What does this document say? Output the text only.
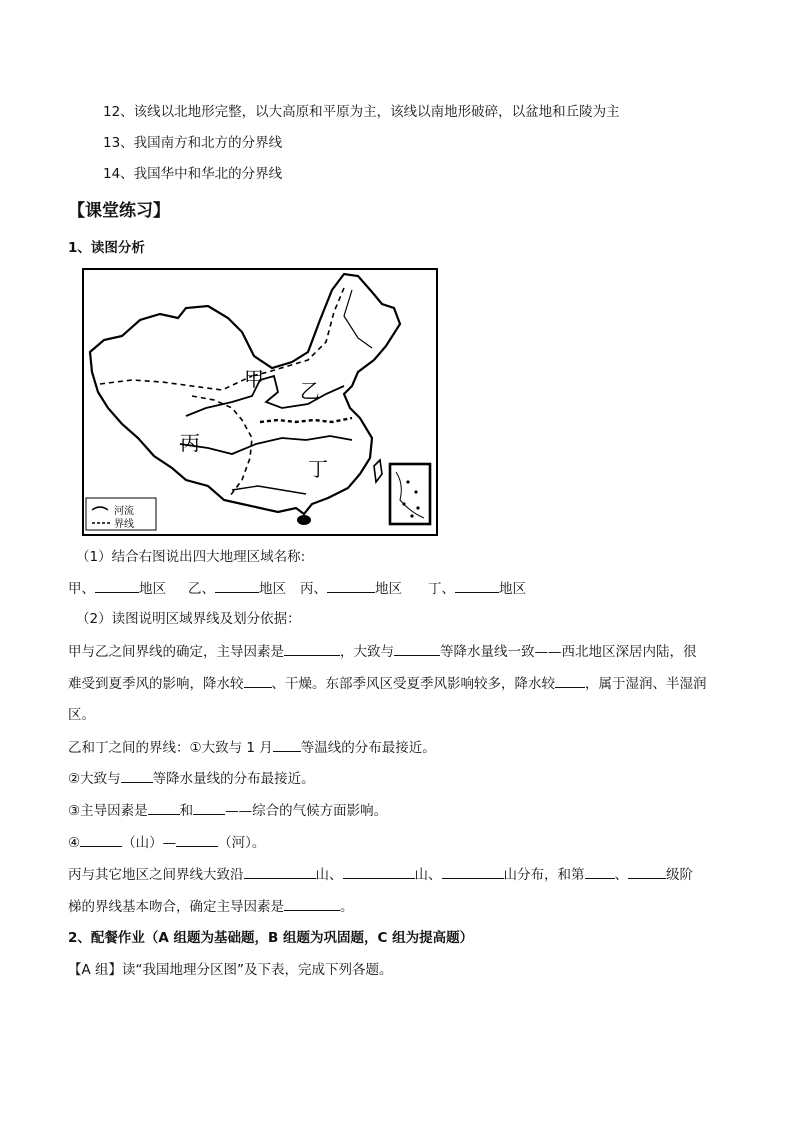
12、该线以北地形完整，以大高原和平原为主，该线以南地形破碎，以盆地和丘陵为主
13、我国南方和北方的分界线
14、我国华中和华北的分界线
【课堂练习】
1、读图分析
甲 乙
丙
丁
河流
界线
（1）结合右图说出四大地理区域名称:
甲、	地区 乙、	地区 丙、	地区 丁、	地区
（2）读图说明区域界线及划分依据：
甲与乙之间界线的确定，主导因素是	，大致与	等降水量线一致——西北地区深居内陆，很
难受到夏季风的影响，降水较 、干燥。东部季风区受夏季风影响较多，降水较 ，属于湿润、半湿润
区。
乙和丁之间的界线：①大致与 1 月 等温线的分布最接近。
②大致与 等降水量线的分布最接近。
③主导因素是 和 ——综合的气候方面影响。
④	（山）—	（河）。
丙与其它地区之间界线大致沿	山、	山、	山分布，和第 、	级阶
梯的界线基本吻合，确定主导因素是	。
2、配餐作业（A 组题为基础题，B 组题为巩固题，C 组为提高题）
【A 组】读“我国地理分区图”及下表，完成下列各题。
